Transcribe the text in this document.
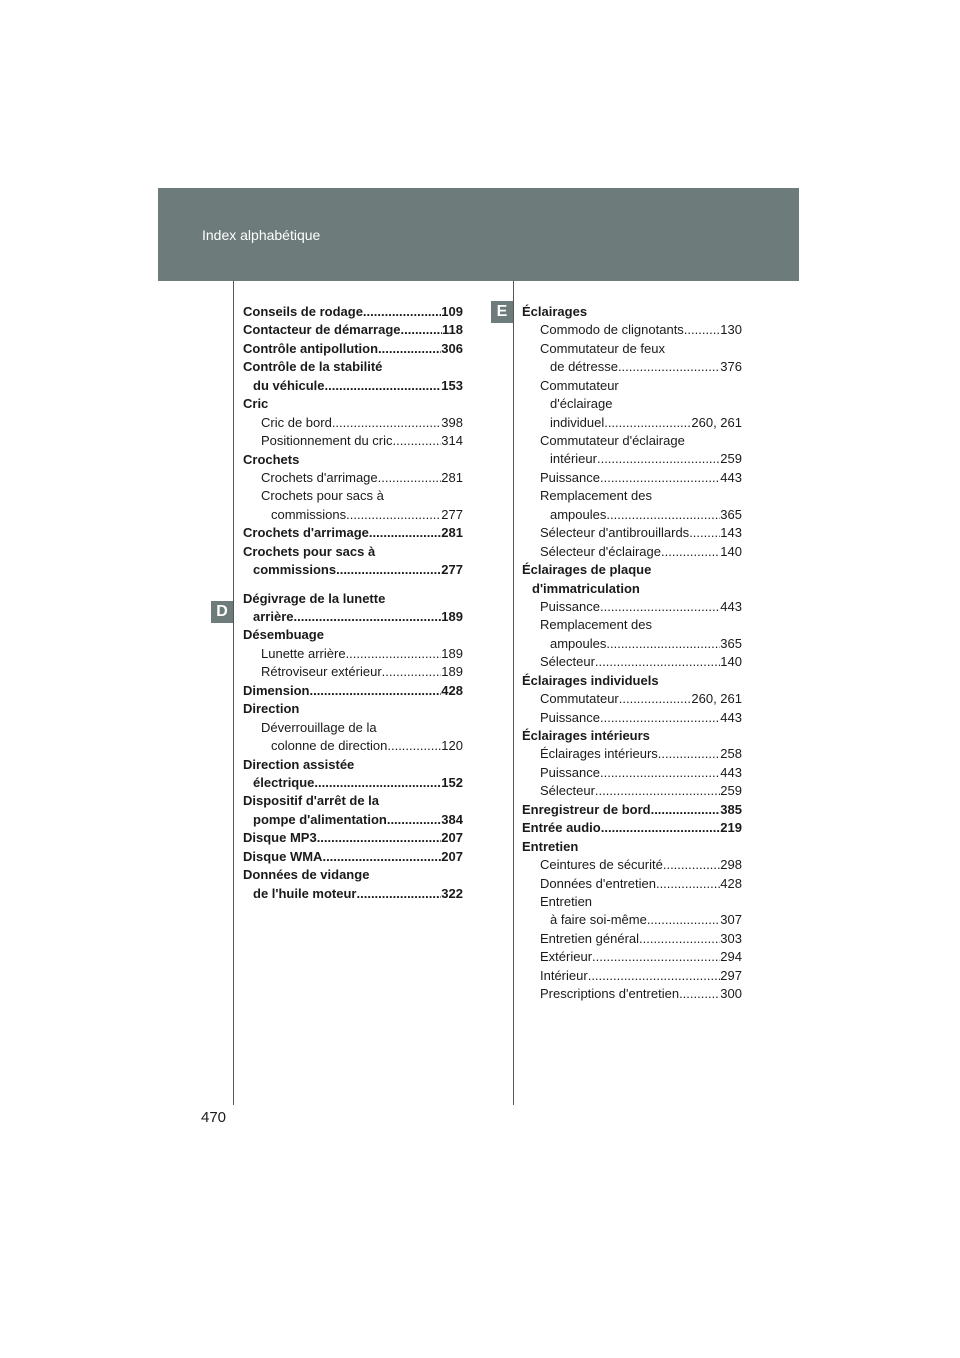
Index alphabétique
D
E
Conseils de rodage .....	109
Contacteur de démarrage .....	118
Contrôle antipollution .....	306
Contrôle de la stabilité
du véhicule .....	153
Cric
Cric de bord .....	398
Positionnement du cric .....	314
Crochets
Crochets d'arrimage .....	281
Crochets pour sacs à
commissions .....	277
Crochets d'arrimage .....	281
Crochets pour sacs à
commissions .....	277
Dégivrage de la lunette
arrière .....	189
Désembuage
Lunette arrière .....	189
Rétroviseur extérieur .....	189
Dimension .....	428
Direction
Déverrouillage de la
colonne de direction .....	120
Direction assistée
électrique .....	152
Dispositif d'arrêt de la
pompe d'alimentation .....	384
Disque MP3 .....	207
Disque WMA .....	207
Données de vidange
de l'huile moteur .....	322
Éclairages
Commodo de clignotants .....	130
Commutateur de feux
de détresse .....	376
Commutateur
d'éclairage
individuel .....	260, 261
Commutateur d'éclairage
intérieur .....	259
Puissance .....	443
Remplacement des
ampoules .....	365
Sélecteur d'antibrouillards ..... 143
Sélecteur d'éclairage .....	140
Éclairages de plaque
d'immatriculation
Puissance .....	443
Remplacement des
ampoules .....	365
Sélecteur .....	140
Éclairages individuels
Commutateur .....	260, 261
Puissance .....	443
Éclairages intérieurs
Éclairages intérieurs .....	258
Puissance .....	443
Sélecteur .....	259
Enregistreur de bord .....	385
Entrée audio .....	219
Entretien
Ceintures de sécurité .....	298
Données d'entretien .....	428
Entretien
à faire soi-même .....	307
Entretien général .....	303
Extérieur .....	294
Intérieur .....	297
Prescriptions d'entretien .....	300
470
